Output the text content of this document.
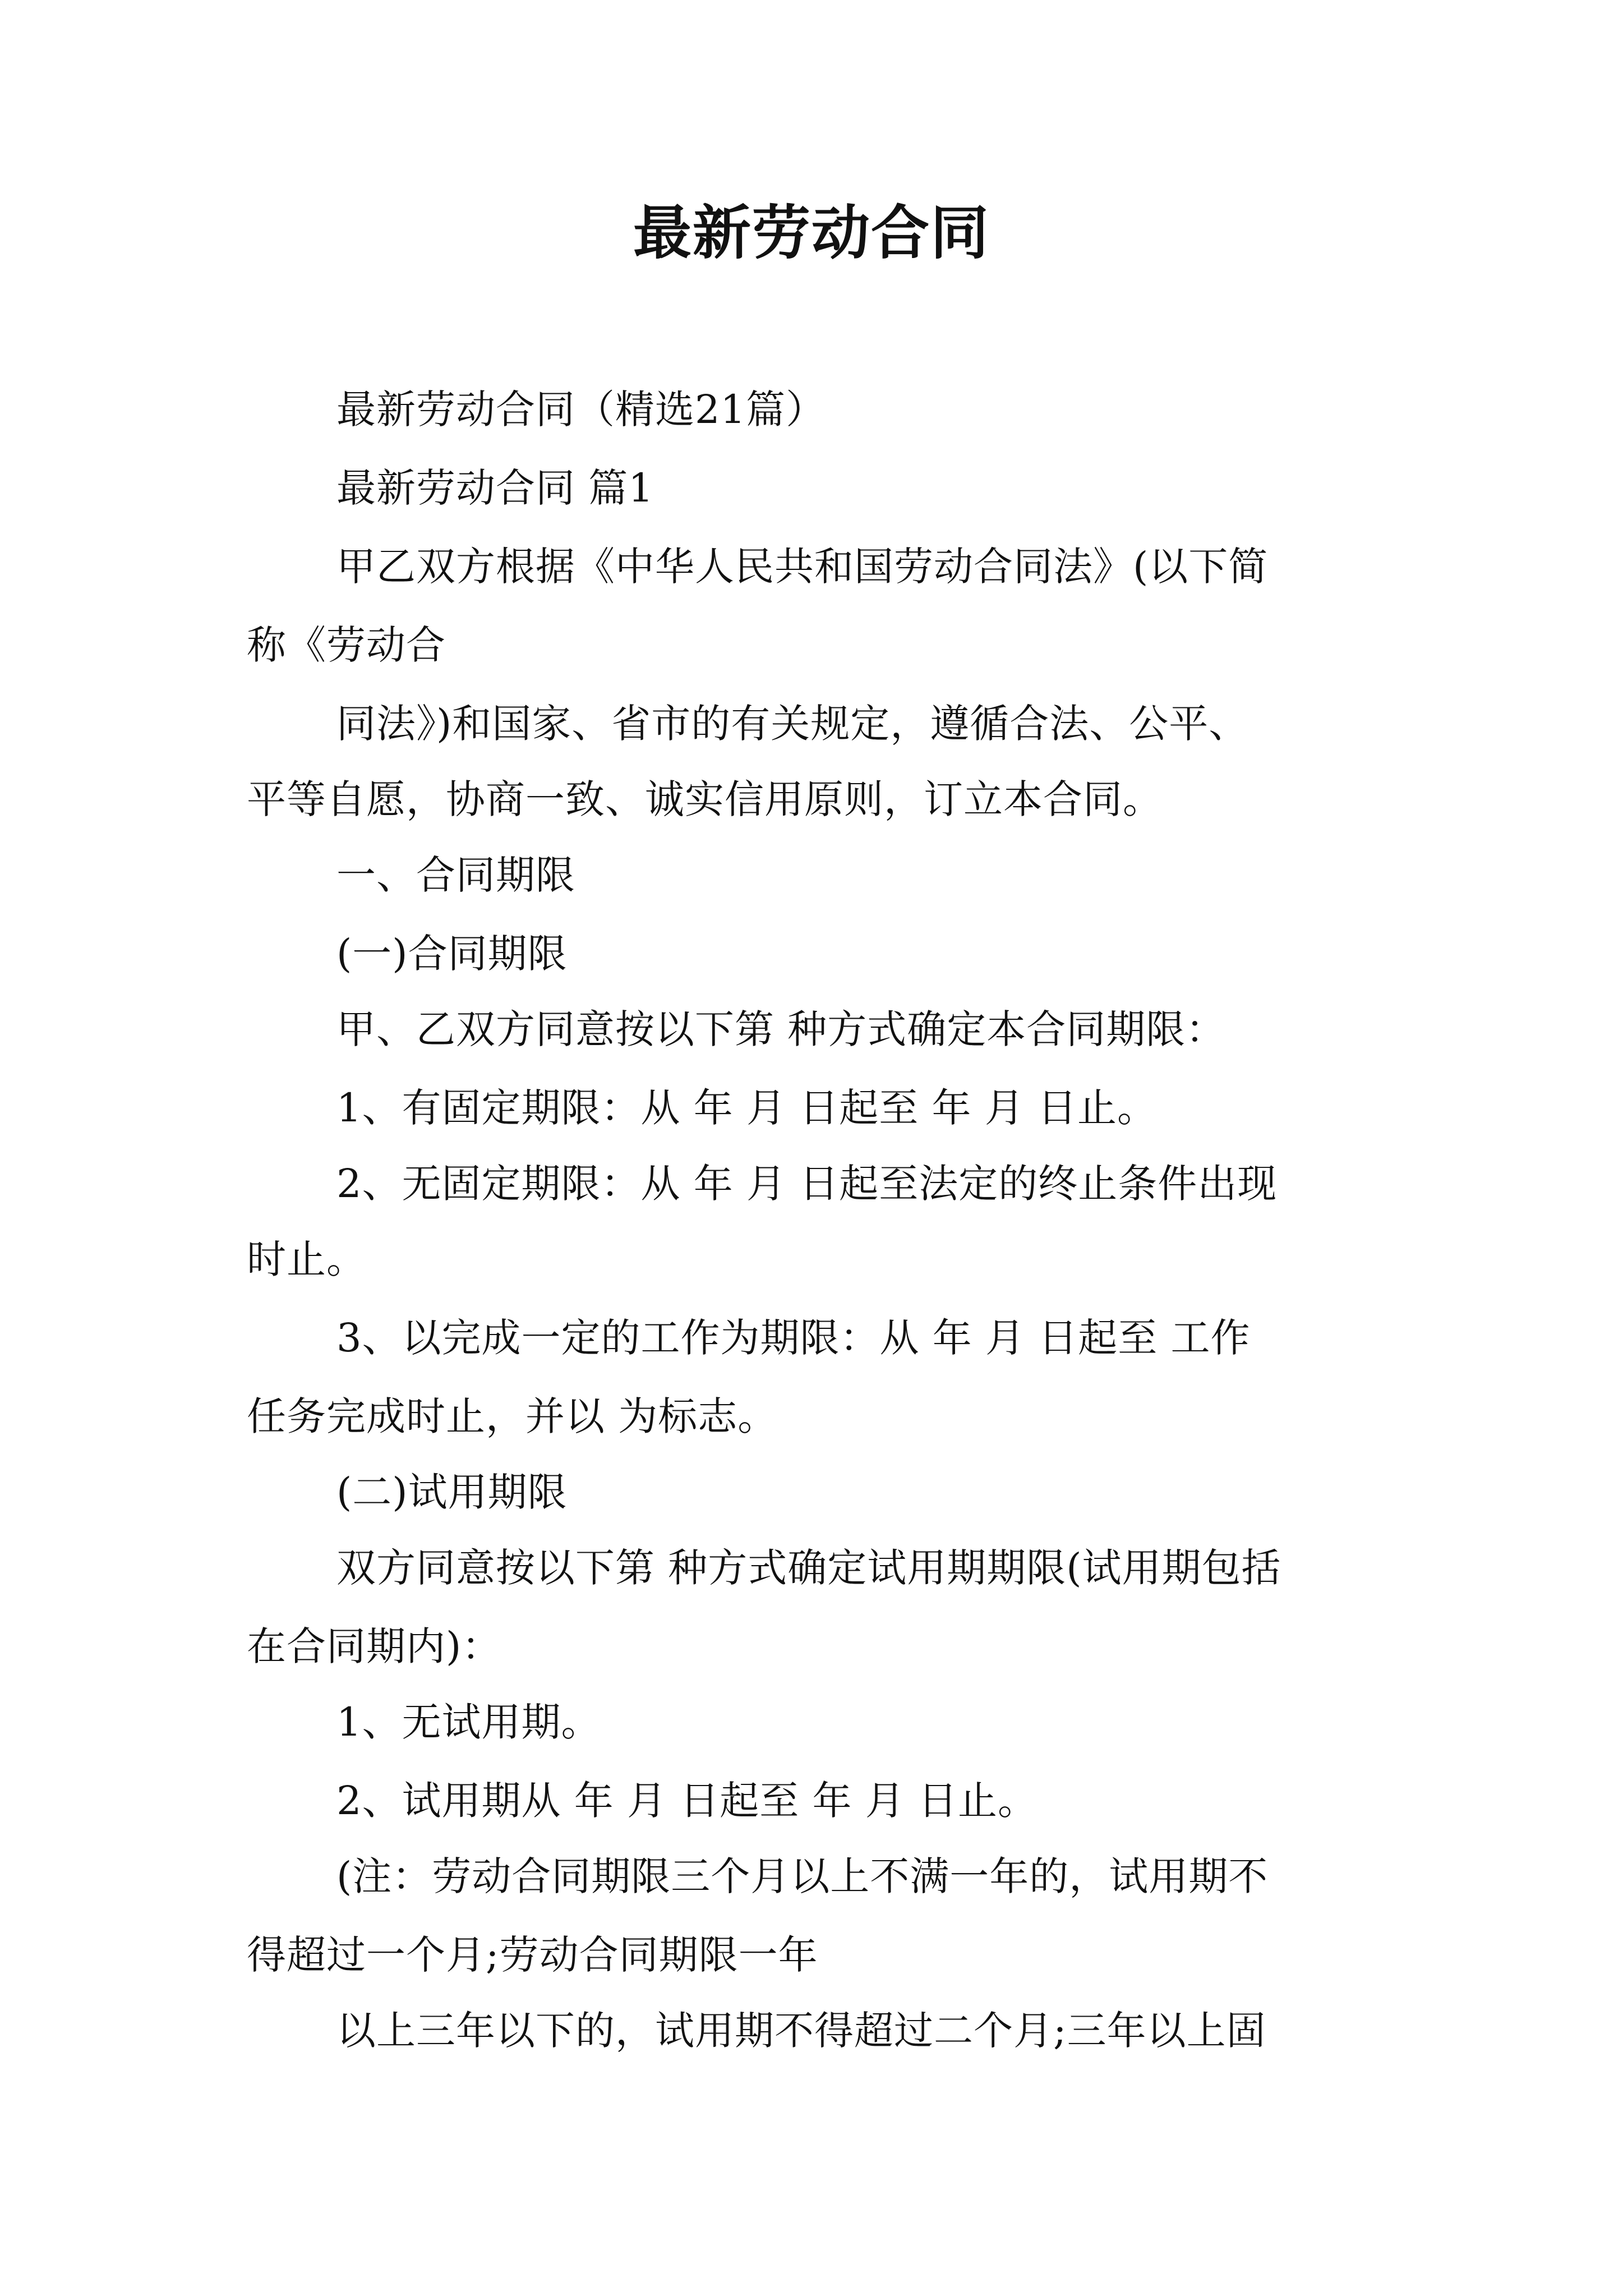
最新劳动合同

最新劳动合同（精选21篇）

最新劳动合同 篇1

甲乙双方根据《中华人民共和国劳动合同法》(以下简

称《劳动合

同法》)和国家、省市的有关规定，遵循合法、公平、

平等自愿，协商一致、诚实信用原则，订立本合同。

一、合同期限

(一)合同期限

甲、乙双方同意按以下第 种方式确定本合同期限：

1、有固定期限：从 年 月 日起至 年 月 日止。

2、无固定期限：从 年 月 日起至法定的终止条件出现

时止。

3、以完成一定的工作为期限：从 年 月 日起至 工作

任务完成时止，并以 为标志。

(二)试用期限

双方同意按以下第 种方式确定试用期期限(试用期包括

在合同期内)：

1、无试用期。

2、试用期从 年 月 日起至 年 月 日止。

(注：劳动合同期限三个月以上不满一年的，试用期不

得超过一个月;劳动合同期限一年

以上三年以下的，试用期不得超过二个月;三年以上固
